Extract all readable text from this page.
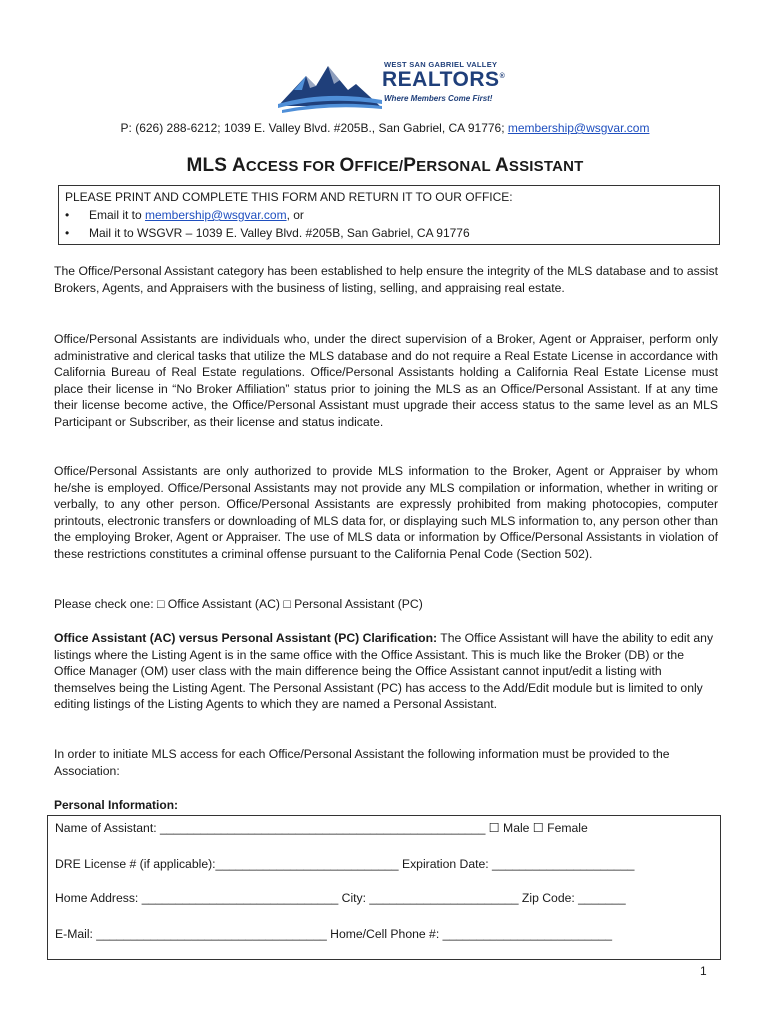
WEST SAN GABRIEL VALLEY
REALTORS®
Where Members Come First!
P: (626) 288-6212; 1039 E. Valley Blvd. #205B., San Gabriel, CA 91776; membership@wsgvar.com
MLS ACCESS FOR OFFICE/PERSONAL ASSISTANT
PLEASE PRINT AND COMPLETE THIS FORM AND RETURN IT TO OUR OFFICE:
• Email it to membership@wsgvar.com, or
• Mail it to WSGVR – 1039 E. Valley Blvd. #205B, San Gabriel, CA 91776
The Office/Personal Assistant category has been established to help ensure the integrity of the MLS database and to assist Brokers, Agents, and Appraisers with the business of listing, selling, and appraising real estate.
Office/Personal Assistants are individuals who, under the direct supervision of a Broker, Agent or Appraiser, perform only administrative and clerical tasks that utilize the MLS database and do not require a Real Estate License in accordance with California Bureau of Real Estate regulations. Office/Personal Assistants holding a California Real Estate License must place their license in “No Broker Affiliation” status prior to joining the MLS as an Office/Personal Assistant. If at any time their license become active, the Office/Personal Assistant must upgrade their access status to the same level as an MLS Participant or Subscriber, as their license and status indicate.
Office/Personal Assistants are only authorized to provide MLS information to the Broker, Agent or Appraiser by whom he/she is employed. Office/Personal Assistants may not provide any MLS compilation or information, whether in writing or verbally, to any other person. Office/Personal Assistants are expressly prohibited from making photocopies, computer printouts, electronic transfers or downloading of MLS data for, or displaying such MLS information to, any person other than the employing Broker, Agent or Appraiser. The use of MLS data or information by Office/Personal Assistants in violation of these restrictions constitutes a criminal offense pursuant to the California Penal Code (Section 502).
Please check one: □ Office Assistant (AC) □ Personal Assistant (PC)
Office Assistant (AC) versus Personal Assistant (PC) Clarification: The Office Assistant will have the ability to edit any listings where the Listing Agent is in the same office with the Office Assistant. This is much like the Broker (DB) or the Office Manager (OM) user class with the main difference being the Office Assistant cannot input/edit a listing with themselves being the Listing Agent. The Personal Assistant (PC) has access to the Add/Edit module but is limited to only editing listings of the Listing Agents to which they are named a Personal Assistant.
In order to initiate MLS access for each Office/Personal Assistant the following information must be provided to the Association:
Personal Information:
Name of Assistant: ________________________________________________ ☐ Male ☐ Female
DRE License # (if applicable):___________________________ Expiration Date: _____________________
Home Address: _____________________________ City: ______________________ Zip Code: _______
E-Mail: __________________________________ Home/Cell Phone #: _________________________
1
